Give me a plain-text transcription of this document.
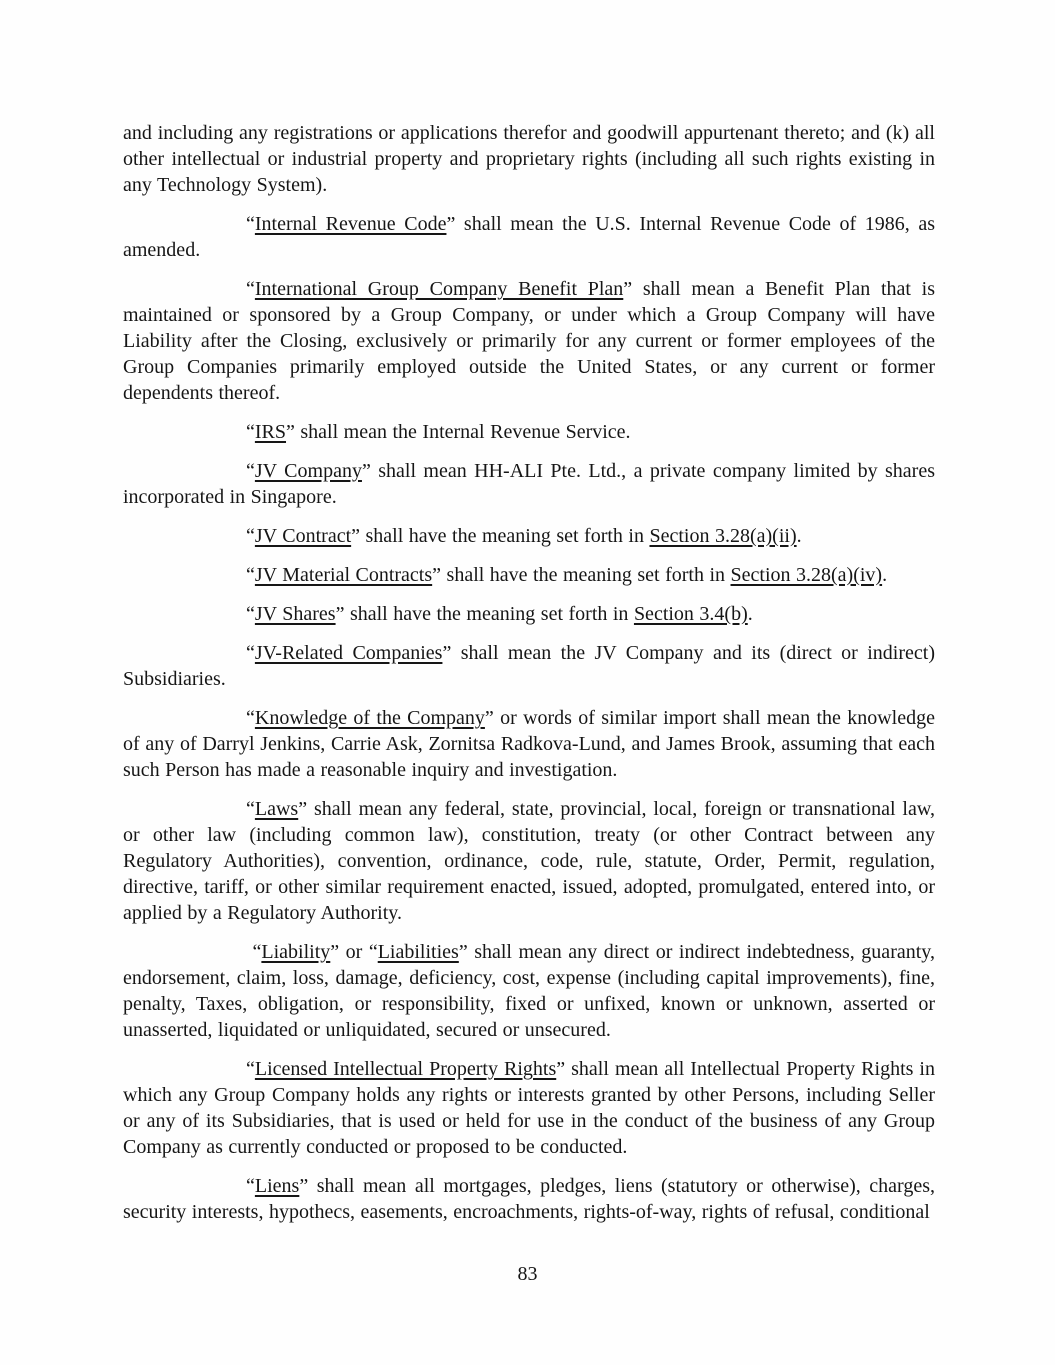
and including any registrations or applications therefor and goodwill appurtenant thereto; and (k) all other intellectual or industrial property and proprietary rights (including all such rights existing in any Technology System).

“Internal Revenue Code” shall mean the U.S. Internal Revenue Code of 1986, as amended.

“International Group Company Benefit Plan” shall mean a Benefit Plan that is maintained or sponsored by a Group Company, or under which a Group Company will have Liability after the Closing, exclusively or primarily for any current or former employees of the Group Companies primarily employed outside the United States, or any current or former dependents thereof.

“IRS” shall mean the Internal Revenue Service.

“JV Company” shall mean HH-ALI Pte. Ltd., a private company limited by shares incorporated in Singapore.

“JV Contract” shall have the meaning set forth in Section 3.28(a)(ii).

“JV Material Contracts” shall have the meaning set forth in Section 3.28(a)(iv).

“JV Shares” shall have the meaning set forth in Section 3.4(b).

“JV-Related Companies” shall mean the JV Company and its (direct or indirect) Subsidiaries.

“Knowledge of the Company” or words of similar import shall mean the knowledge of any of Darryl Jenkins, Carrie Ask, Zornitsa Radkova-Lund, and James Brook, assuming that each such Person has made a reasonable inquiry and investigation.

“Laws” shall mean any federal, state, provincial, local, foreign or transnational law, or other law (including common law), constitution, treaty (or other Contract between any Regulatory Authorities), convention, ordinance, code, rule, statute, Order, Permit, regulation, directive, tariff, or other similar requirement enacted, issued, adopted, promulgated, entered into, or applied by a Regulatory Authority.

“Liability” or “Liabilities” shall mean any direct or indirect indebtedness, guaranty, endorsement, claim, loss, damage, deficiency, cost, expense (including capital improvements), fine, penalty, Taxes, obligation, or responsibility, fixed or unfixed, known or unknown, asserted or unasserted, liquidated or unliquidated, secured or unsecured.

“Licensed Intellectual Property Rights” shall mean all Intellectual Property Rights in which any Group Company holds any rights or interests granted by other Persons, including Seller or any of its Subsidiaries, that is used or held for use in the conduct of the business of any Group Company as currently conducted or proposed to be conducted.

“Liens” shall mean all mortgages, pledges, liens (statutory or otherwise), charges, security interests, hypothecs, easements, encroachments, rights-of-way, rights of refusal, conditional

83
